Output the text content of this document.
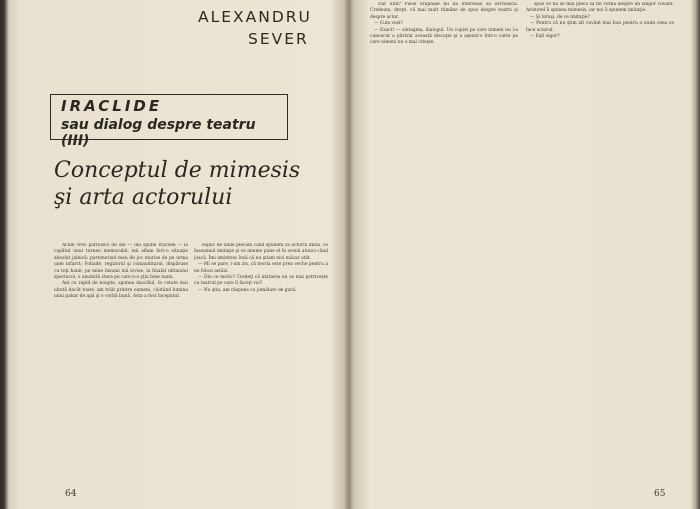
ALEXANDRU
SEVER
IRACLIDE
sau dialog despre teatru (III)
Conceptul de mimesis
şi arta actorului

Acum vreo patruzeci de ani — îmi spune Iraclide — la capătul unui turneu memorabil, mă aflam într-o situaţie absolut jalnică: parteneraul meu de joc murise de pe urma unei infarct; Fotiade, regizorul şi comanditarul, dispăruse cu toţi banii; pe mine însumi mă lovise, la finalul ultimului spectacol, o anumită stare pe care n-o ştiu bine numi.

Ani cu rapid de noapte, spunea dascălul, în cetate mai uitată decât toate, am trăit printre oameni, căutând lumina unui pahar de apă şi o vorbă bună. Asta a fost începutul.

explic de unde plecăm când spunem că actorul imită, ce înseamnă imitaţie şi ce anume pune el în scenă atunci când joacă. Îmi amintesc însă că nu ştiam nici măcar atât.

— Mi se pare, i-am zis, că teoria este prea veche pentru a ne folosi astăzi.

— Din ce motiv? Credeţi că imitarea nu se mai potriveşte cu teatrul pe care îl faceţi voi?

— Nu ştiu, am răspuns cu jumătate de gură.

64

Dar atât? Piese originale nu nă interesau să servească. Credeam, drept, că mai mult rămâne de spus despre teatru şi despre actor.

— Cum vezi?

— Exact! — sintagma, dialogul. Un copist pe care nimeni nu l-a cunoscut a păstrat această discuţie şi a aşezat-o într-o carte pe care nimeni nu o mai citeşte.

spus ce nu se mai pleca să fie vorba despre un singur cuvânt. Aristotel îi spunea mimesis, iar noi îi spunem imitaţie.

— Şi totuşi, de ce imitaţie?

— Pentru că nu ştim alt cuvânt mai bun pentru a numi ceea ce face actorul.

— Eşti sigur?

65
